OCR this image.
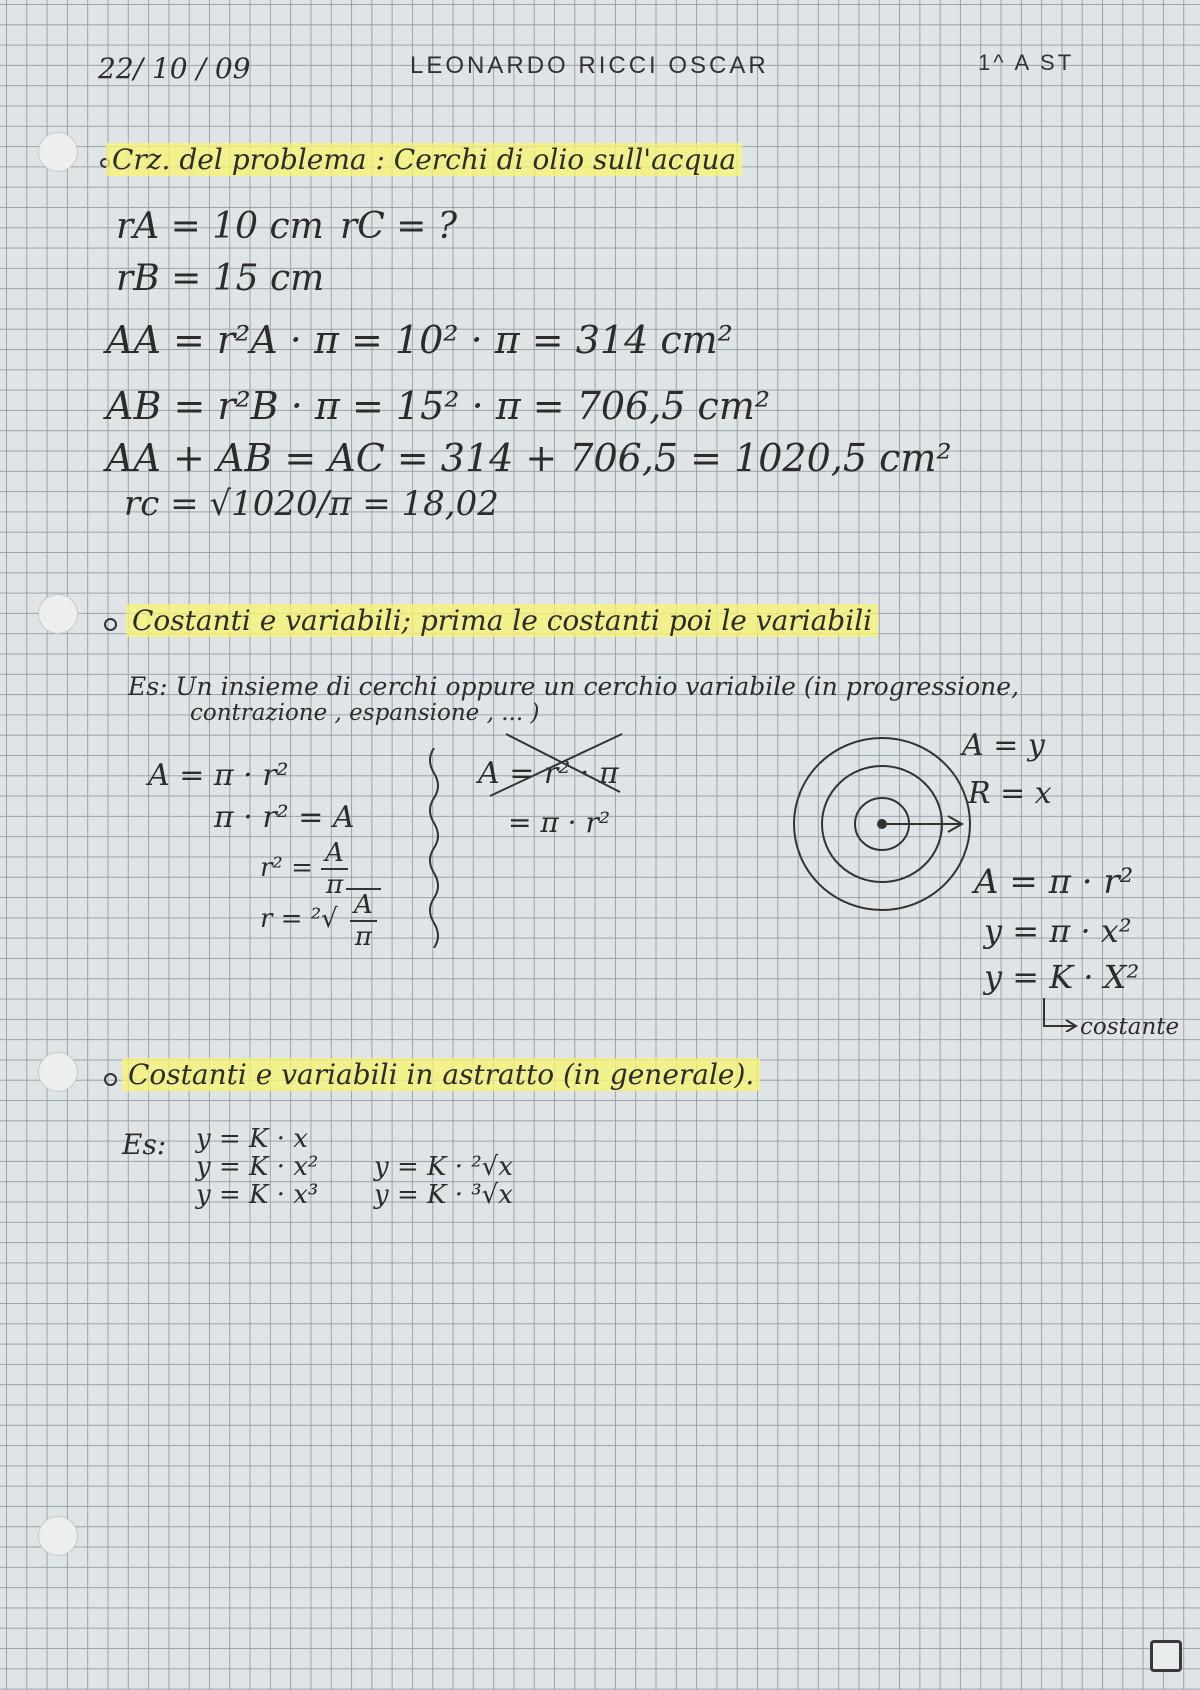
22/ 10 / 09	LEONARDO RICCI OSCAR	1^ A ST
Crz. del problema : Cerchi di olio sull'acqua
rA = 10 cm rC = ?
rB = 15 cm
AA = r²A · π = 10² · π = 314 cm²
AB = r²B · π = 15² · π = 706,5 cm²
AA + AB = AC = 314 + 706,5 = 1020,5 cm²
rc = √1020/π = 18,02
Costanti e variabili; prima le costanti poi le variabili
Es: Un insieme di cerchi oppure un cerchio variabile (in progressione,
contrazione , espansione , ... )
A = π · r²
π · r² = A
$r^2 = \frac{A}{\pi}$
$r = ^2√ \frac{A}{\pi}$
A = r² · π
= π · r²
A = y
R = x
A = π · r²
y = π · x²
y = K · X²
costante
Costanti e variabili in astratto (in generale).
Es: y = K · x
y = K · x²
y = K · x³
y = K · ²√x
y = K · ³√x
